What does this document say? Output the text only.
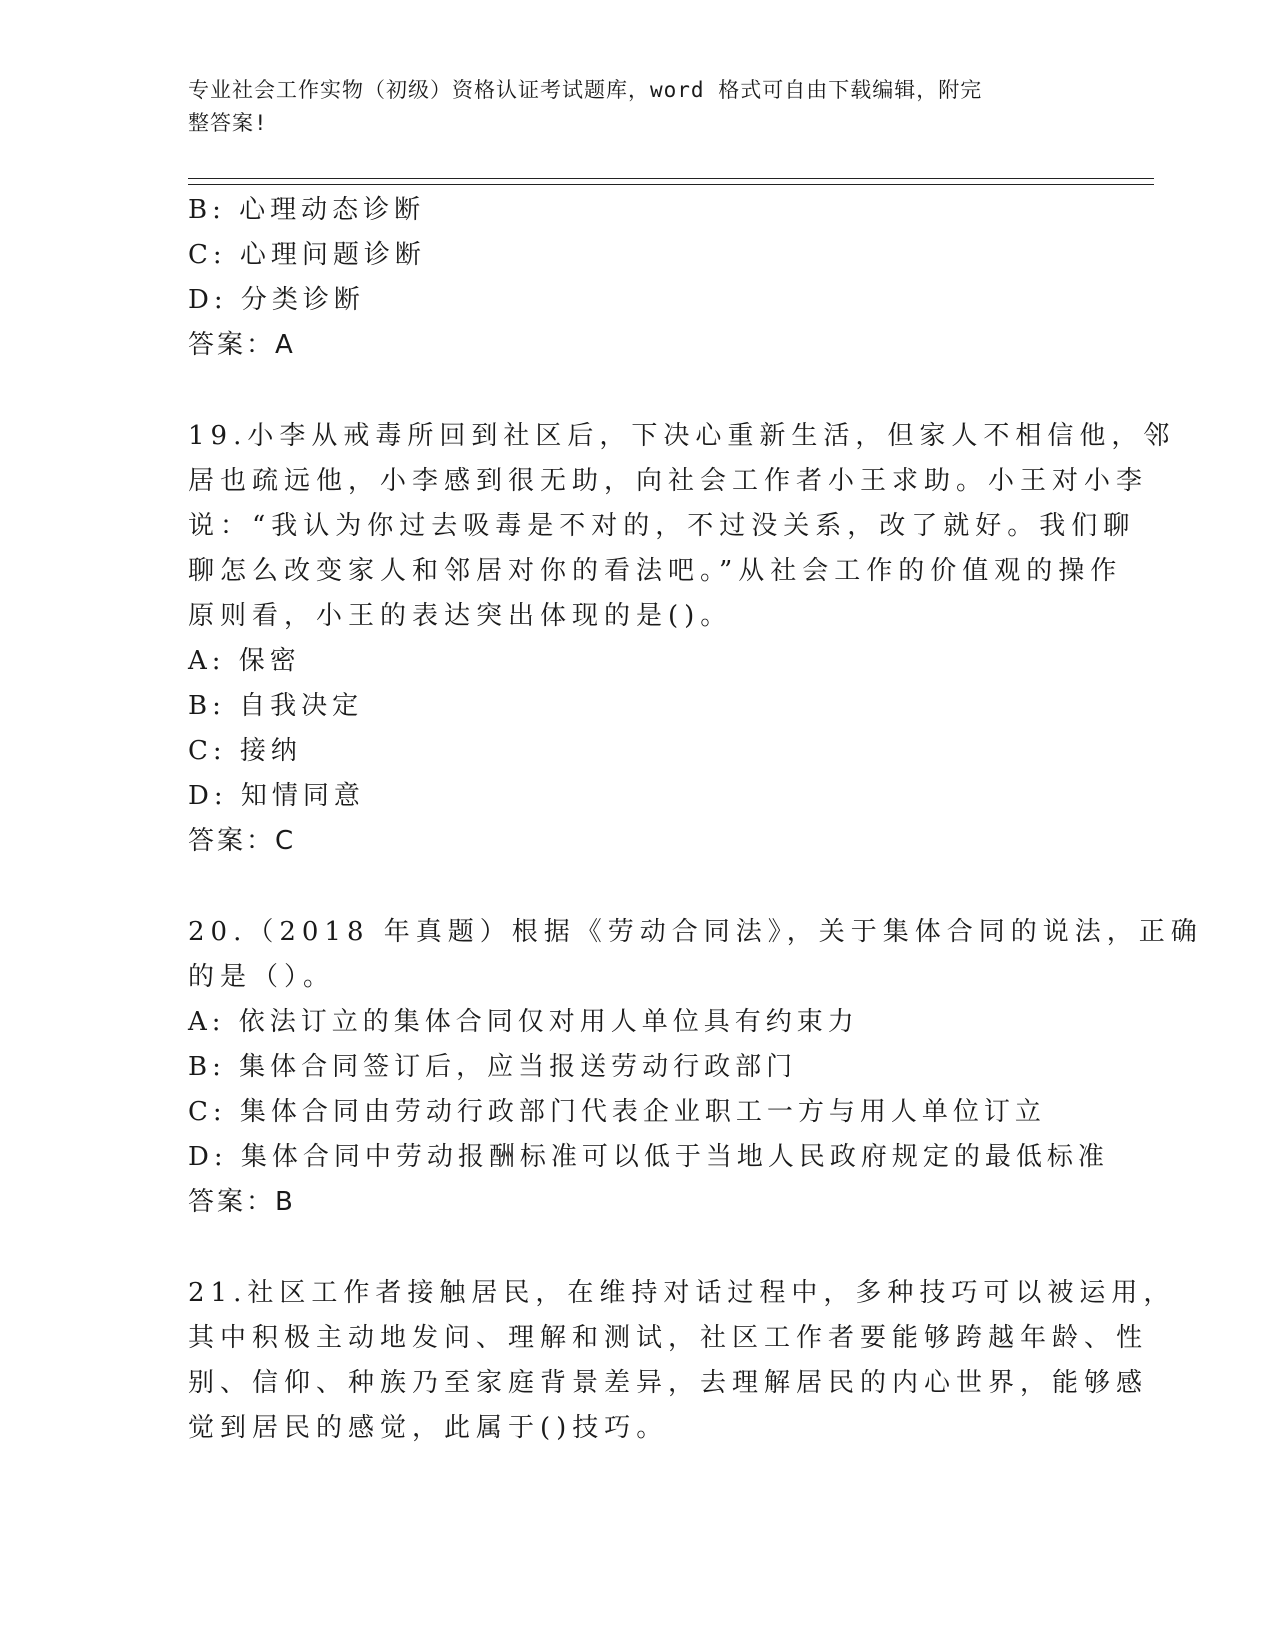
专业社会工作实物（初级）资格认证考试题库，word 格式可自由下载编辑，附完
整答案!
B: 心理动态诊断
C: 心理问题诊断
D: 分类诊断
答案：A
19.小李从戒毒所回到社区后，下决心重新生活，但家人不相信他，邻
居也疏远他，小李感到很无助，向社会工作者小王求助。小王对小李
说：“我认为你过去吸毒是不对的，不过没关系，改了就好。我们聊
聊怎么改变家人和邻居对你的看法吧。”从社会工作的价值观的操作
原则看，小王的表达突出体现的是()。
A: 保密
B: 自我决定
C: 接纳
D: 知情同意
答案：C
20.（2018 年真题）根据《劳动合同法》，关于集体合同的说法，正确
的是（）。
A: 依法订立的集体合同仅对用人单位具有约束力
B: 集体合同签订后，应当报送劳动行政部门
C: 集体合同由劳动行政部门代表企业职工一方与用人单位订立
D: 集体合同中劳动报酬标准可以低于当地人民政府规定的最低标准
答案：B
21.社区工作者接触居民，在维持对话过程中，多种技巧可以被运用，
其中积极主动地发问、理解和测试，社区工作者要能够跨越年龄、性
别、信仰、种族乃至家庭背景差异，去理解居民的内心世界，能够感
觉到居民的感觉，此属于()技巧。
